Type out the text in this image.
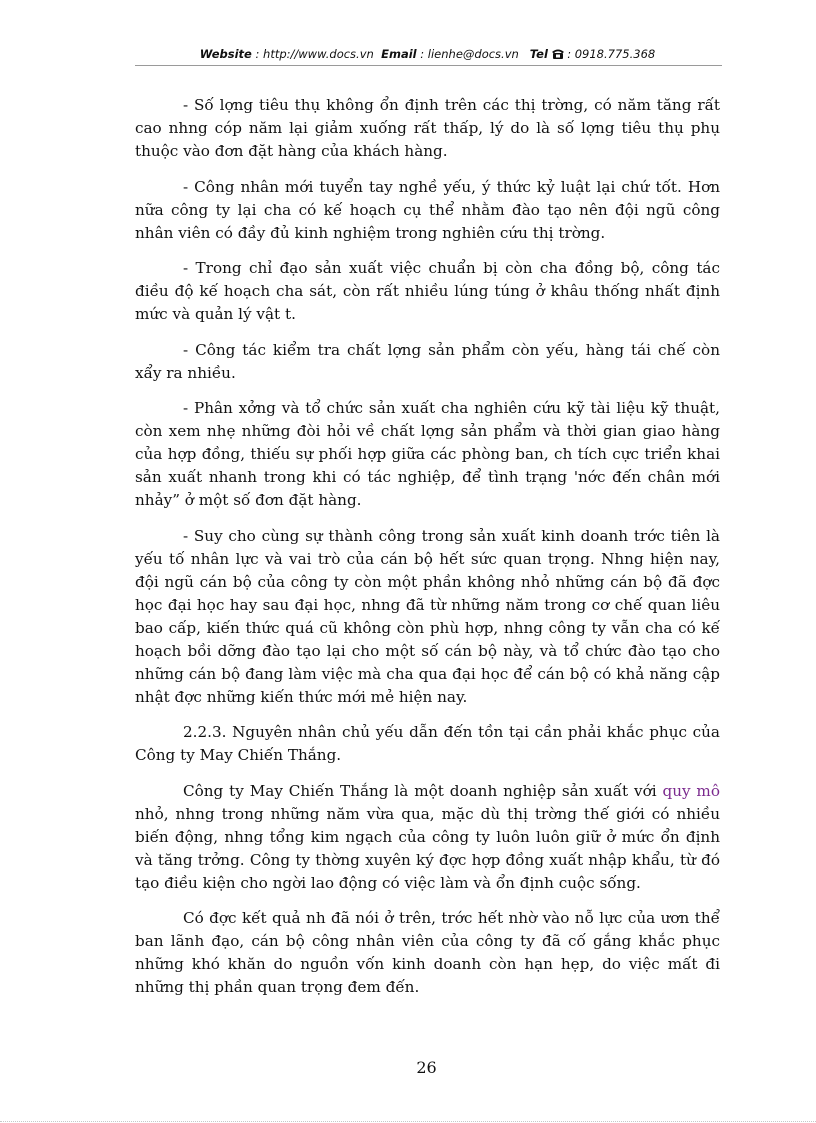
Website : http://www.docs.vn Email : lienhe@docs.vn Tel : 0918.775.368

- Số lợng tiêu thụ không ổn định trên các thị trờng, có năm tăng rất cao nhng cóp năm lại giảm xuống rất thấp, lý do là số lợng tiêu thụ phụ thuộc vào đơn đặt hàng của khách hàng.

- Công nhân mới tuyển tay nghề yếu, ý thức kỷ luật lại chứ tốt. Hơn nữa công ty lại cha có kế hoạch cụ thể nhằm đào tạo nên đội ngũ công nhân viên có đầy đủ kinh nghiệm trong nghiên cứu thị trờng.

- Trong chỉ đạo sản xuất việc chuẩn bị còn cha đồng bộ, công tác điều độ kế hoạch cha sát, còn rất nhiều lúng túng ở khâu thống nhất định mức và quản lý vật t.

- Công tác kiểm tra chất lợng sản phẩm còn yếu, hàng tái chế còn xẩy ra nhiều.

- Phân xởng và tổ chức sản xuất cha nghiên cứu kỹ tài liệu kỹ thuật, còn xem nhẹ những đòi hỏi về chất lợng sản phẩm và thời gian giao hàng của hợp đồng, thiếu sự phối hợp giữa các phòng ban, ch tích cực triển khai sản xuất nhanh trong khi có tác nghiệp, để tình trạng 'nớc đến chân mới nhảy” ở một số đơn đặt hàng.

- Suy cho cùng sự thành công trong sản xuất kinh doanh trớc tiên là yếu tố nhân lực và vai trò của cán bộ hết sức quan trọng. Nhng hiện nay, đội ngũ cán bộ của công ty còn một phần không nhỏ những cán bộ đã đợc học đại học hay sau đại học, nhng đã từ những năm trong cơ chế quan liêu bao cấp, kiến thức quá cũ không còn phù hợp, nhng công ty vẫn cha có kế hoạch bồi dỡng đào tạo lại cho một số cán bộ này, và tổ chức đào tạo cho những cán bộ đang làm việc mà cha qua đại học để cán bộ có khả năng cập nhật đợc những kiến thức mới mẻ hiện nay.

2.2.3. Nguyên nhân chủ yếu dẫn đến tồn tại cần phải khắc phục của Công ty May Chiến Thắng.

Công ty May Chiến Thắng là một doanh nghiệp sản xuất với quy mô nhỏ, nhng trong những năm vừa qua, mặc dù thị trờng thế giới có nhiều biến động, nhng tổng kim ngạch của công ty luôn luôn giữ ở mức ổn định và tăng trởng. Công ty thờng xuyên ký đợc hợp đồng xuất nhập khẩu, từ đó tạo điều kiện cho ngời lao động có việc làm và ổn định cuộc sống.

Có đợc kết quả nh đã nói ở trên, trớc hết nhờ vào nỗ lực của ươn thể ban lãnh đạo, cán bộ công nhân viên của công ty đã cố gắng khắc phục những khó khăn do nguồn vốn kinh doanh còn hạn hẹp, do việc mất đi những thị phần quan trọng đem đến.

26
